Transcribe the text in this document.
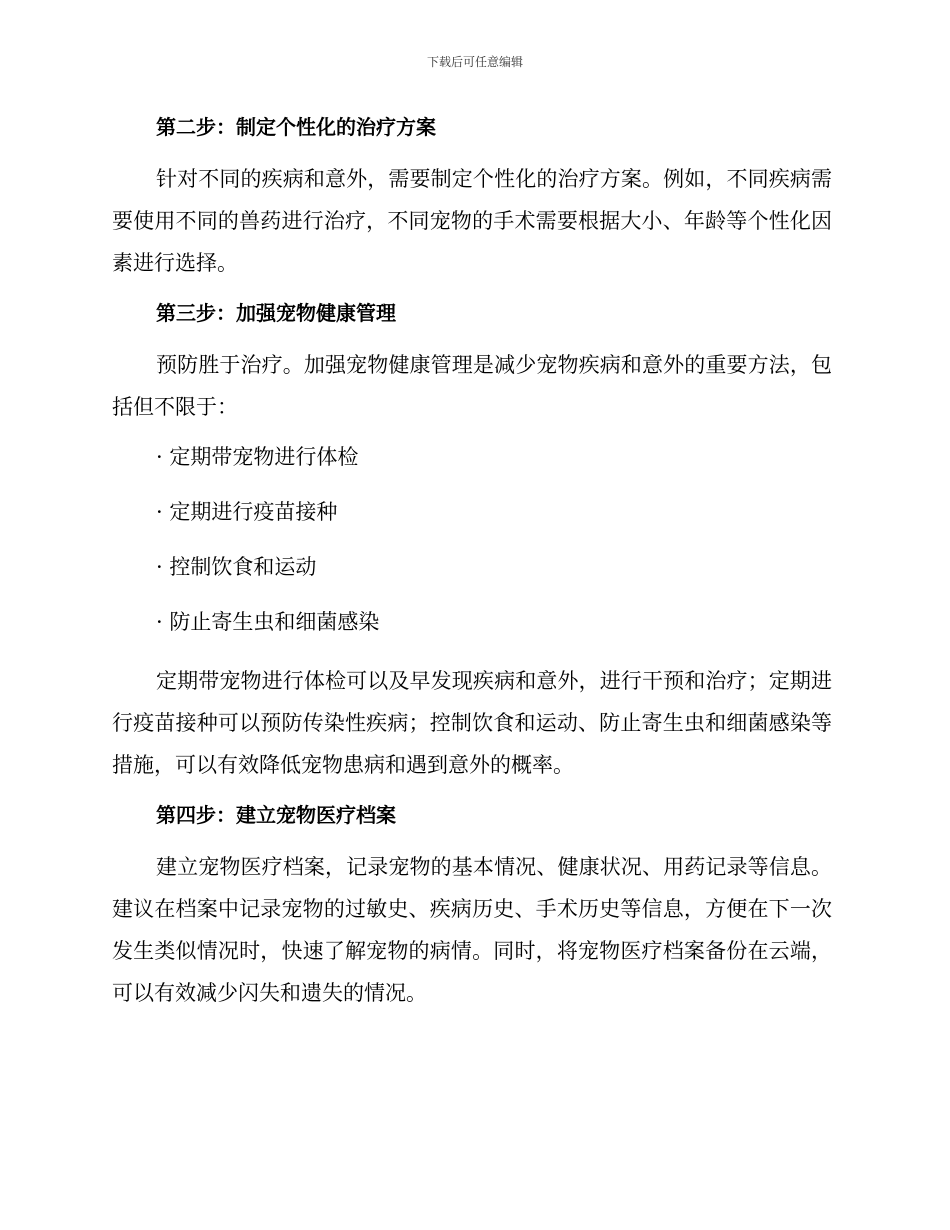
下载后可任意编辑
第二步：制定个性化的治疗方案

针对不同的疾病和意外，需要制定个性化的治疗方案。例如，不同疾病需要使用不同的兽药进行治疗，不同宠物的手术需要根据大小、年龄等个性化因素进行选择。

第三步：加强宠物健康管理

预防胜于治疗。加强宠物健康管理是减少宠物疾病和意外的重要方法，包括但不限于：

· 定期带宠物进行体检
· 定期进行疫苗接种
· 控制饮食和运动
· 防止寄生虫和细菌感染

定期带宠物进行体检可以及早发现疾病和意外，进行干预和治疗；定期进行疫苗接种可以预防传染性疾病；控制饮食和运动、防止寄生虫和细菌感染等措施，可以有效降低宠物患病和遇到意外的概率。

第四步：建立宠物医疗档案

建立宠物医疗档案，记录宠物的基本情况、健康状况、用药记录等信息。建议在档案中记录宠物的过敏史、疾病历史、手术历史等信息，方便在下一次发生类似情况时，快速了解宠物的病情。同时，将宠物医疗档案备份在云端，可以有效减少闪失和遗失的情况。
